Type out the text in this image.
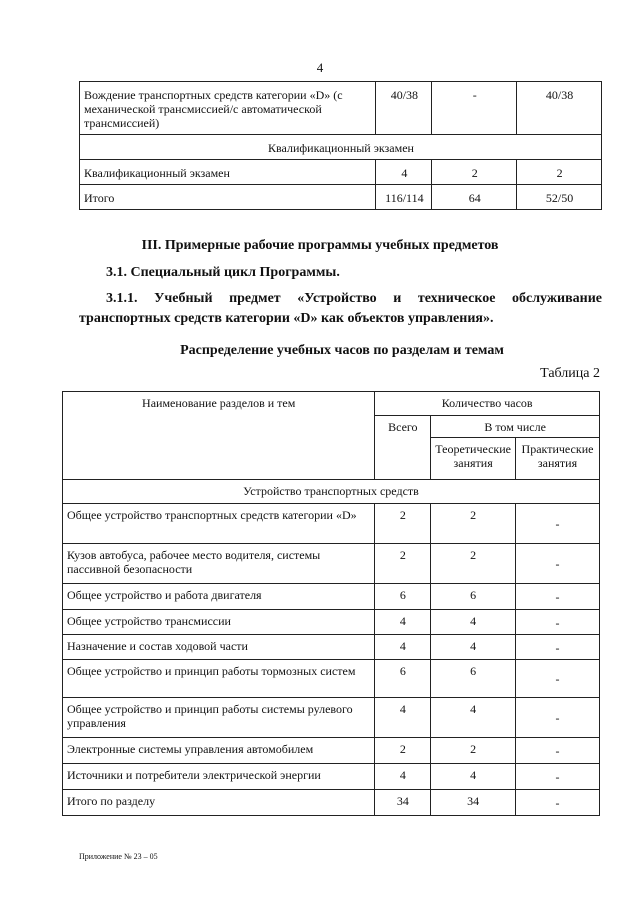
4
Вождение транспортных средств категории «D» (с механической трансмиссией/с автоматической трансмиссией)	40/38	-	40/38
Квалификационный экзамен			
Квалификационный экзамен	4	2	2
Итого	116/114	64	52/50
III. Примерные рабочие программы учебных предметов
3.1. Специальный цикл Программы.
3.1.1. Учебный предмет «Устройство и техническое обслуживание транспортных средств категории «D» как объектов управления».
Распределение учебных часов по разделам и темам
Таблица 2
Наименование разделов и тем	Количество часов		
	Всего	В том числе	
		Теоретические занятия	Практические занятия
Устройство транспортных средств			
Общее устройство транспортных средств категории «D»	2	2	-
Кузов автобуса, рабочее место водителя, системы пассивной безопасности	2	2	-
Общее устройство и работа двигателя	6	6	-
Общее устройство трансмиссии	4	4	-
Назначение и состав ходовой части	4	4	-
Общее устройство и принцип работы тормозных систем	6	6	-
Общее устройство и принцип работы системы рулевого управления	4	4	-
Электронные системы управления автомобилем	2	2	-
Источники и потребители электрической энергии	4	4	-
Итого по разделу	34	34	-
Приложение № 23 – 05
